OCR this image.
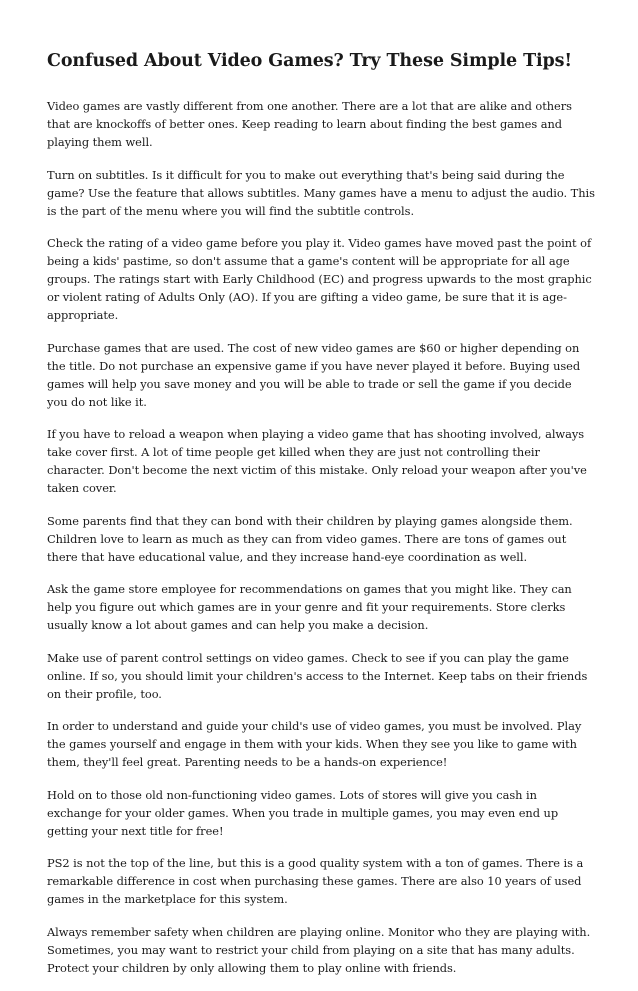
Confused About Video Games? Try These Simple Tips!

Video games are vastly different from one another. There are a lot that are alike and others that are knockoffs of better ones. Keep reading to learn about finding the best games and playing them well.

Turn on subtitles. Is it difficult for you to make out everything that's being said during the game? Use the feature that allows subtitles. Many games have a menu to adjust the audio. This is the part of the menu where you will find the subtitle controls.

Check the rating of a video game before you play it. Video games have moved past the point of being a kids' pastime, so don't assume that a game's content will be appropriate for all age groups. The ratings start with Early Childhood (EC) and progress upwards to the most graphic or violent rating of Adults Only (AO). If you are gifting a video game, be sure that it is age-appropriate.

Purchase games that are used. The cost of new video games are $60 or higher depending on the title. Do not purchase an expensive game if you have never played it before. Buying used games will help you save money and you will be able to trade or sell the game if you decide you do not like it.

If you have to reload a weapon when playing a video game that has shooting involved, always take cover first. A lot of time people get killed when they are just not controlling their character. Don't become the next victim of this mistake. Only reload your weapon after you've taken cover.

Some parents find that they can bond with their children by playing games alongside them. Children love to learn as much as they can from video games. There are tons of games out there that have educational value, and they increase hand-eye coordination as well.

Ask the game store employee for recommendations on games that you might like. They can help you figure out which games are in your genre and fit your requirements. Store clerks usually know a lot about games and can help you make a decision.

Make use of parent control settings on video games. Check to see if you can play the game online. If so, you should limit your children's access to the Internet. Keep tabs on their friends on their profile, too.

In order to understand and guide your child's use of video games, you must be involved. Play the games yourself and engage in them with your kids. When they see you like to game with them, they'll feel great. Parenting needs to be a hands-on experience!

Hold on to those old non-functioning video games. Lots of stores will give you cash in exchange for your older games. When you trade in multiple games, you may even end up getting your next title for free!

PS2 is not the top of the line, but this is a good quality system with a ton of games. There is a remarkable difference in cost when purchasing these games. There are also 10 years of used games in the marketplace for this system.

Always remember safety when children are playing online. Monitor who they are playing with. Sometimes, you may want to restrict your child from playing on a site that has many adults. Protect your children by only allowing them to play online with friends.
